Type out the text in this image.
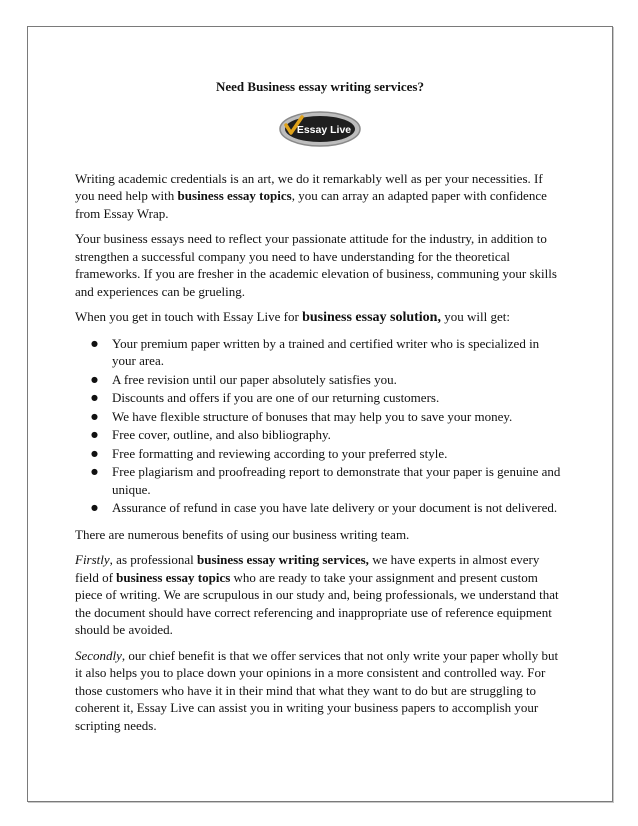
Need Business essay writing services?
Essay Live

Writing academic credentials is an art, we do it remarkably well as per your necessities. If you need help with business essay topics, you can array an adapted paper with confidence from Essay Wrap.

Your business essays need to reflect your passionate attitude for the industry, in addition to strengthen a successful company you need to have understanding for the theoretical frameworks. If you are fresher in the academic elevation of business, communing your skills and experiences can be grueling.

When you get in touch with Essay Live for business essay solution, you will get:

● Your premium paper written by a trained and certified writer who is specialized in your area.
● A free revision until our paper absolutely satisfies you.
● Discounts and offers if you are one of our returning customers.
● We have flexible structure of bonuses that may help you to save your money.
● Free cover, outline, and also bibliography.
● Free formatting and reviewing according to your preferred style.
● Free plagiarism and proofreading report to demonstrate that your paper is genuine and unique.
● Assurance of refund in case you have late delivery or your document is not delivered.

There are numerous benefits of using our business writing team.

Firstly, as professional business essay writing services, we have experts in almost every field of business essay topics who are ready to take your assignment and present custom piece of writing. We are scrupulous in our study and, being professionals, we understand that the document should have correct referencing and inappropriate use of reference equipment should be avoided.

Secondly, our chief benefit is that we offer services that not only write your paper wholly but it also helps you to place down your opinions in a more consistent and controlled way. For those customers who have it in their mind that what they want to do but are struggling to coherent it, Essay Live can assist you in writing your business papers to accomplish your scripting needs.
